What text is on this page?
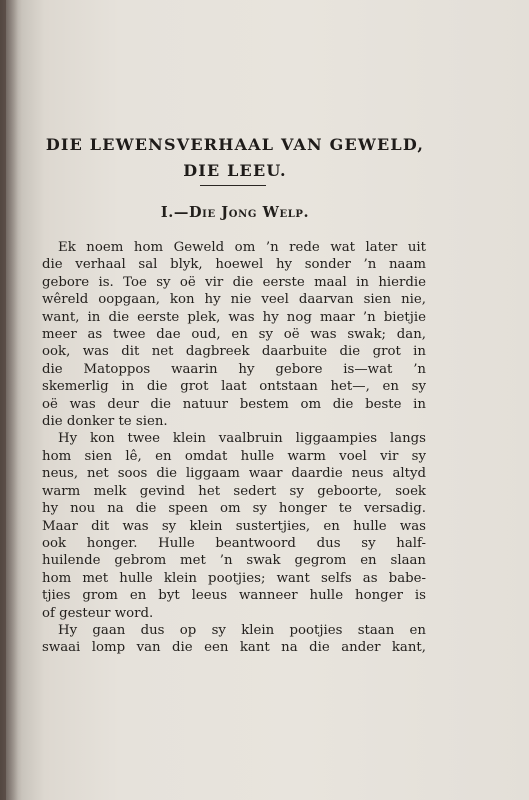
DIE LEWENSVERHAAL VAN GEWELD,
DIE LEEU.
I.—Die Jong Welp.

Ek noem hom Geweld om ’n rede wat later uit
die verhaal sal blyk, hoewel hy sonder ’n naam
gebore is. Toe sy oë vir die eerste maal in hierdie
wêreld oopgaan, kon hy nie veel daarvan sien nie,
want, in die eerste plek, was hy nog maar ’n bietjie
meer as twee dae oud, en sy oë was swak; dan,
ook, was dit net dagbreek daarbuite die grot in
die Matoppos waarin hy gebore is—wat ’n
skemerlig in die grot laat ontstaan het—, en sy
oë was deur die natuur bestem om die beste in
die donker te sien.

Hy kon twee klein vaalbruin liggaampies langs
hom sien lê, en omdat hulle warm voel vir sy
neus, net soos die liggaam waar daardie neus altyd
warm melk gevind het sedert sy geboorte, soek
hy nou na die speen om sy honger te versadig.
Maar dit was sy klein sustertjies, en hulle was
ook honger. Hulle beantwoord dus sy half-
huilende gebrom met ’n swak gegrom en slaan
hom met hulle klein pootjies; want selfs as babe-
tjies grom en byt leeus wanneer hulle honger is
of gesteur word.

Hy gaan dus op sy klein pootjies staan en
swaai lomp van die een kant na die ander kant,
